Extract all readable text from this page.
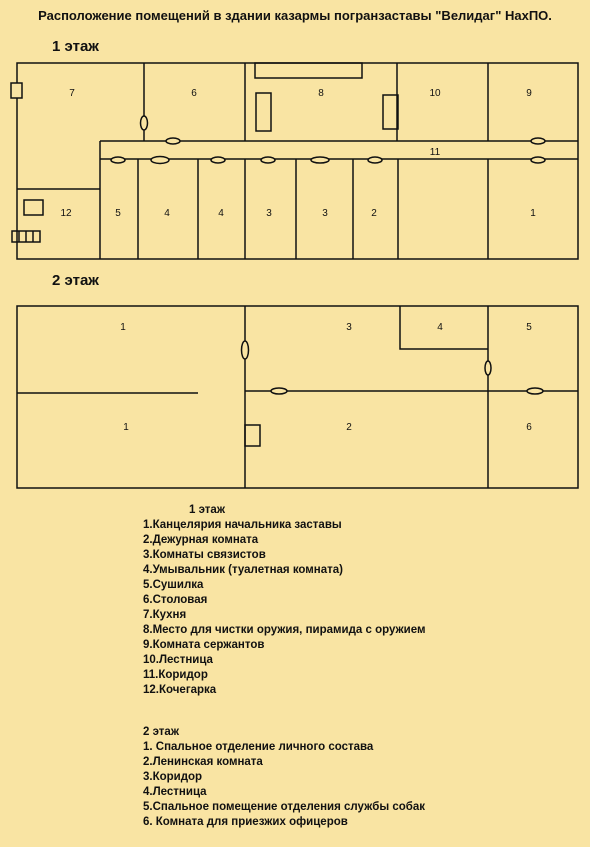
Расположение помещений в здании казармы погранзаставы "Велидаг" НахПО.
1 этаж
2 этаж
7	6	8	10	9
11
12	5	4	4	3	3	2	1
1	3	4	5
1	2	6
1 этаж
1.Канцелярия начальника заставы
2.Дежурная комната
3.Комнаты связистов
4.Умывальник (туалетная комната)
5.Сушилка
6.Столовая
7.Кухня
8.Место для чистки оружия, пирамида с оружием
9.Комната сержантов
10.Лестница
11.Коридор
12.Кочегарка
2 этаж
1. Спальное отделение личного состава
2.Ленинская комната
3.Коридор
4.Лестница
5.Спальное помещение отделения службы собак
6. Комната для приезжих офицеров
